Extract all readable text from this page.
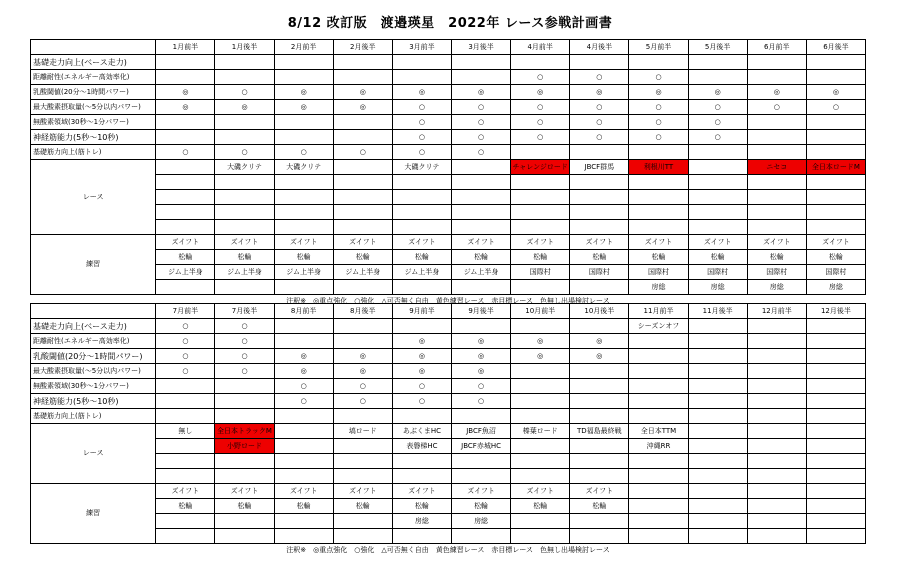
8/12 改訂版　渡邉瑛星　2022年 レース参戦計画書
	1月前半	1月後半	2月前半	2月後半	3月前半	3月後半	4月前半	4月後半	5月前半	5月後半	6月前半	6月後半
基礎走力向上(ベース走力)												
距離耐性(エネルギー高効率化)							○	○	○			
乳酸閾値(20分〜1時間パワー)	◎	○	◎	◎	◎	◎	◎	◎	◎	◎	◎	◎
最大酸素摂取量(〜5分以内パワー)	◎	◎	◎	◎	○	○	○	○	○	○	○	○
無酸素領域(30秒〜1分パワー)					○	○	○	○	○	○		
神経筋能力(5秒〜10秒)					○	○	○	○	○	○		
基礎筋力向上(筋トレ)	○	○	○	○	○	○						
レース		大磯クリテ	大磯クリテ		大磯クリテ		チャレンジロード	JBCF群馬	利根川TT		ニセコ	全日本ロードM

練習	ズイフト	ズイフト	ズイフト	ズイフト	ズイフト	ズイフト	ズイフト	ズイフト	ズイフト	ズイフト	ズイフト	ズイフト
	松輪	松輪	松輪	松輪	松輪	松輪	松輪	松輪	松輪	松輪	松輪	松輪
	ジム上半身	ジム上半身	ジム上半身	ジム上半身	ジム上半身	ジム上半身	国際村	国際村	国際村	国際村	国際村	国際村
									房総	房総	房総	房総
注釈※　◎重点強化　○強化　△可否無く自由　黄色練習レース　赤目標レース　色無し出場検討レース												
	7月前半	7月後半	8月前半	8月後半	9月前半	9月後半	10月前半	10月後半	11月前半	11月後半	12月前半	12月後半
基礎走力向上(ベース走力)	○	○							シーズンオフ			
距離耐性(エネルギー高効率化)	○	○			◎	◎	◎	◎				
乳酸閾値(20分〜1時間パワー)	○	○	◎	◎	◎	◎	◎	◎				
最大酸素摂取量(〜5分以内パワー)	○	○	◎	◎	◎	◎						
無酸素領域(30秒〜1分パワー)			○	○	○	○						
神経筋能力(5秒〜10秒)			○	○	○	○						
基礎筋力向上(筋トレ)												
レース	無し	全日本トラックM		塙ロード	あぶくまHC	JBCF魚沼	榛葉ロード	TD福島最終戦	全日本TTM			
		小野ロード			表磐梯HC	JBCF赤城HC			沖縄RR			

練習	ズイフト	ズイフト	ズイフト	ズイフト	ズイフト	ズイフト	ズイフト	ズイフト				
	松輪	松輪	松輪	松輪	松輪	松輪	松輪	松輪				
					房総	房総						

注釈※　◎重点強化　○強化　△可否無く自由　黄色練習レース　赤目標レース　色無し出場検討レース												
